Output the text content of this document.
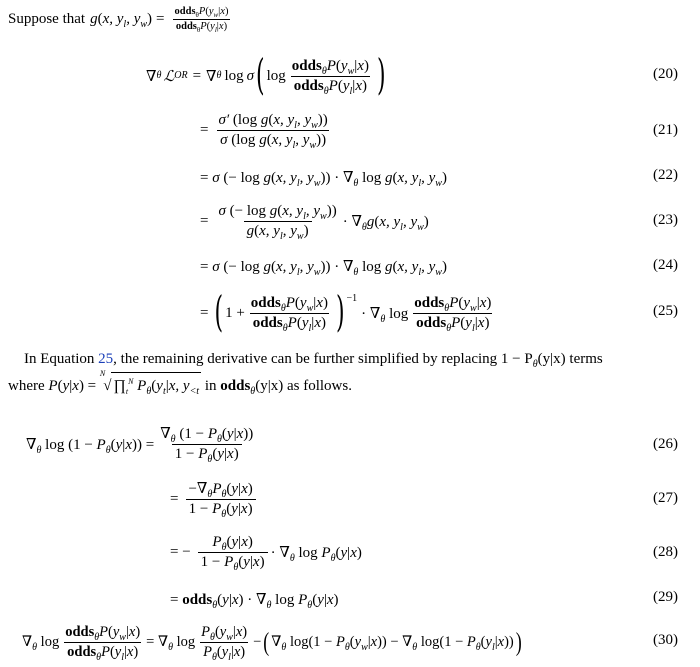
Suppose that g ( x, $y_l$, $y_w$ ) = $\frac{odds_\theta P(y_w|x)}{odds_\theta P(y_l|x)}$
∇ θ ℒ OR = ∇ θ log σ ( $\log \frac{odds_\theta P(y_w|x)}{odds_\theta P(y_l|x)}$ )	(20)
= $\frac{\sigma' (\log g(x, y_l, y_w))}{\sigma (\log g(x, y_l, y_w))}$	(21)
= σ (− log g(x, $y_l$, $y_w)) \cdot \nabla_\theta$ log g(x, $y_l$, $y_w$)	(22)
= $\frac{\sigma (- \log g(x, y_l, y_w))}{g(x, y_l, y_w)} \cdot \nabla_\theta g(x$, $y_l$, $y_w$)	(23)
= σ (− log g(x, $y_l$, $y_w)) \cdot \nabla_\theta$ log g(x, $y_l$, $y_w$)	(24)
= ( $1 + \frac{odds_\theta P(y_w|x)}{odds_\theta P(y_l|x)} )^{-1}$
· $\nabla_\theta$ $\log \frac{odds_\theta P(y_w|x)}{odds_\theta P(y_l|x)}$	(25)
In Equation 25, the remaining derivative can be further simplified by replacing $1 - P_\theta(y|x)$ terms
where P(y|x) = $^N$√ $\prod_t^N$ $P_\theta(y_t|x$, $y_{<t}$ in odds$_\theta$(y|x) as follows.
$\nabla_\theta$ $\log (1 - P_\theta(y|x)) = \frac{\nabla_\theta (1 - P_\theta(y|x))}{1 - P_\theta(y|x)}$	(26)
= $\frac{-\nabla_\theta P_\theta(y|x)}{1 - P_\theta(y|x)}$	(27)
= − $\frac{P_\theta(y|x)}{1 - P_\theta(y|x)} \cdot \nabla_\theta$ $\log P_\theta(y|x)$	(28)
= odds$_\theta$(y|x) · $\nabla_\theta$ $\log P_\theta(y|x)$	(29)
$\nabla_\theta$ $\log \frac{odds_\theta P(y_w|x)}{odds_\theta P(y_l|x)} = \nabla_\theta$ $\log \frac{P_\theta(y_w|x)}{P_\theta(y_l|x)}$ − ( $\nabla_\theta$ $\log(1 - P_\theta(y_w|x)) - \nabla_\theta$ $\log(1 - P_\theta(y_l|x))$ )	(30)
